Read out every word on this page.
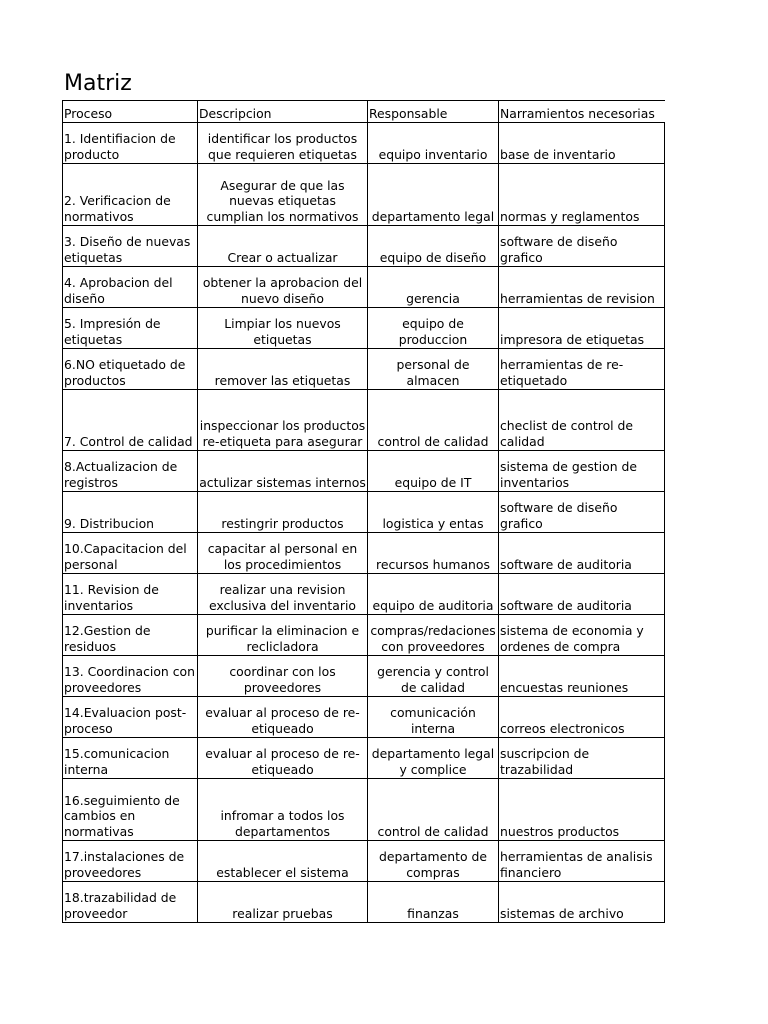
Matriz
Proceso	Descripcion	Responsable	Narramientos necesorias
1. Identifiacion de producto	identificar los productos que requieren etiquetas	equipo inventario	base de inventario
2. Verificacion de normativos	Asegurar de que las nuevas etiquetas cumplian los normativos	departamento legal	normas y reglamentos
3. Diseño de nuevas etiquetas	Crear o actualizar	equipo de diseño	software de diseño grafico
4. Aprobacion del diseño	obtener la aprobacion del nuevo diseño	gerencia	herramientas de revision
5. Impresión de etiquetas	Limpiar los nuevos etiquetas	equipo de produccion	impresora de etiquetas
6.NO etiquetado de productos	remover las etiquetas	personal de almacen	herramientas de re-etiquetado
7. Control de calidad	inspeccionar los productos re-etiqueta para asegurar	control de calidad	checlist de control de calidad
8.Actualizacion de registros	actulizar sistemas internos	equipo de IT	sistema de gestion de inventarios
9. Distribucion	restingrir productos	logistica y entas	software de diseño grafico
10.Capacitacion del personal	capacitar al personal en los procedimientos	recursos humanos	software de auditoria
11. Revision de inventarios	realizar una revision exclusiva del inventario	equipo de auditoria	software de auditoria
12.Gestion de residuos	purificar la eliminacion e reclicladora	compras/redaciones con proveedores	sistema de economia y ordenes de compra
13. Coordinacion con proveedores	coordinar con los proveedores	gerencia y control de calidad	encuestas reuniones
14.Evaluacion post-proceso	evaluar al proceso de re-etiqueado	comunicación interna	correos electronicos
15.comunicacion interna	evaluar al proceso de re-etiqueado	departamento legal y complice	suscripcion de trazabilidad
16.seguimiento de cambios en normativas	infromar a todos los departamentos	control de calidad	nuestros productos
17.instalaciones de proveedores	establecer el sistema	departamento de compras	herramientas de analisis financiero
18.trazabilidad de proveedor	realizar pruebas	finanzas	sistemas de archivo
